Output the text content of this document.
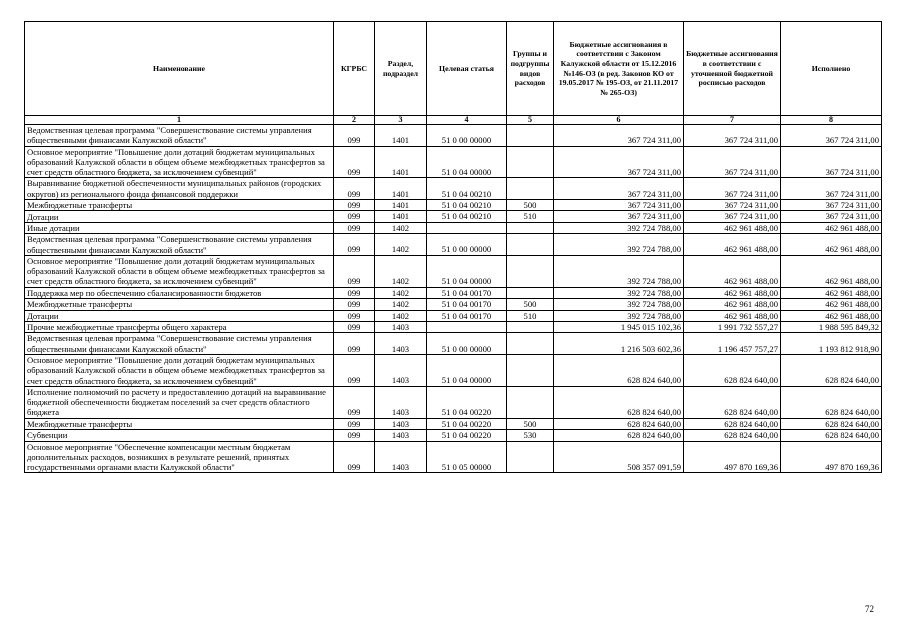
Наименование	КГРБС	Раздел, подраздел	Целевая статья	Группы и подгруппы видов расходов	Бюджетные ассигнования в соответствии с Законом Калужской области от 15.12.2016 №146-ОЗ (в ред. Законов КО от 19.05.2017 № 195-ОЗ, от 21.11.2017 № 265-ОЗ)	Бюджетные ассигнования в соответствии с уточненной бюджетной росписью расходов	Исполнено
1	2	3	4	5	6	7	8
Ведомственная целевая программа "Совершенствование системы управления общественными финансами Калужской области"	099	1401	51 0 00 00000		367 724 311,00	367 724 311,00	367 724 311,00
Основное мероприятие "Повышение доли дотаций бюджетам муниципальных образований Калужской области в общем объеме межбюджетных трансфертов за счет средств областного бюджета, за исключением субвенций"	099	1401	51 0 04 00000		367 724 311,00	367 724 311,00	367 724 311,00
Выравнивание бюджетной обеспеченности муниципальных районов (городских округов) из регионального фонда финансовой поддержки	099	1401	51 0 04 00210		367 724 311,00	367 724 311,00	367 724 311,00
Межбюджетные трансферты	099	1401	51 0 04 00210	500	367 724 311,00	367 724 311,00	367 724 311,00
Дотации	099	1401	51 0 04 00210	510	367 724 311,00	367 724 311,00	367 724 311,00
Иные дотации	099	1402			392 724 788,00	462 961 488,00	462 961 488,00
Ведомственная целевая программа "Совершенствование системы управления общественными финансами Калужской области"	099	1402	51 0 00 00000		392 724 788,00	462 961 488,00	462 961 488,00
Основное мероприятие "Повышение доли дотаций бюджетам муниципальных образований Калужской области в общем объеме межбюджетных трансфертов за счет средств областного бюджета, за исключением субвенций"	099	1402	51 0 04 00000		392 724 788,00	462 961 488,00	462 961 488,00
Поддержка мер по обеспечению сбалансированности бюджетов	099	1402	51 0 04 00170		392 724 788,00	462 961 488,00	462 961 488,00
Межбюджетные трансферты	099	1402	51 0 04 00170	500	392 724 788,00	462 961 488,00	462 961 488,00
Дотации	099	1402	51 0 04 00170	510	392 724 788,00	462 961 488,00	462 961 488,00
Прочие межбюджетные трансферты общего характера	099	1403			1 945 015 102,36	1 991 732 557,27	1 988 595 849,32
Ведомственная целевая программа "Совершенствование системы управления общественными финансами Калужской области"	099	1403	51 0 00 00000		1 216 503 602,36	1 196 457 757,27	1 193 812 918,90
Основное мероприятие "Повышение доли дотаций бюджетам муниципальных образований Калужской области в общем объеме межбюджетных трансфертов за счет средств областного бюджета, за исключением субвенций"	099	1403	51 0 04 00000		628 824 640,00	628 824 640,00	628 824 640,00
Исполнение полномочий по расчету и предоставлению дотаций на выравнивание бюджетной обеспеченности бюджетам поселений за счет средств областного бюджета	099	1403	51 0 04 00220		628 824 640,00	628 824 640,00	628 824 640,00
Межбюджетные трансферты	099	1403	51 0 04 00220	500	628 824 640,00	628 824 640,00	628 824 640,00
Субвенции	099	1403	51 0 04 00220	530	628 824 640,00	628 824 640,00	628 824 640,00
Основное мероприятие "Обеспечение компенсации местным бюджетам дополнительных расходов, возникших в результате решений, принятых государственными органами власти Калужской области"	099	1403	51 0 05 00000		508 357 091,59	497 870 169,36	497 870 169,36
72
